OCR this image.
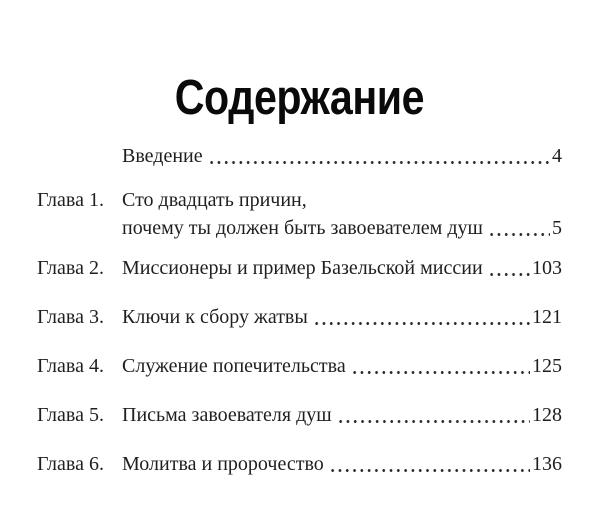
Содержание
Введение	4
Глава 1. Сто двадцать причин,
почему ты должен быть завоевателем душ	5
Глава 2. Миссионеры и пример Базельской миссии 103
Глава 3. Ключи к сбору жатвы	121
Глава 4. Служение попечительства	125
Глава 5. Письма завоевателя душ	128
Глава 6. Молитва и пророчество	136
